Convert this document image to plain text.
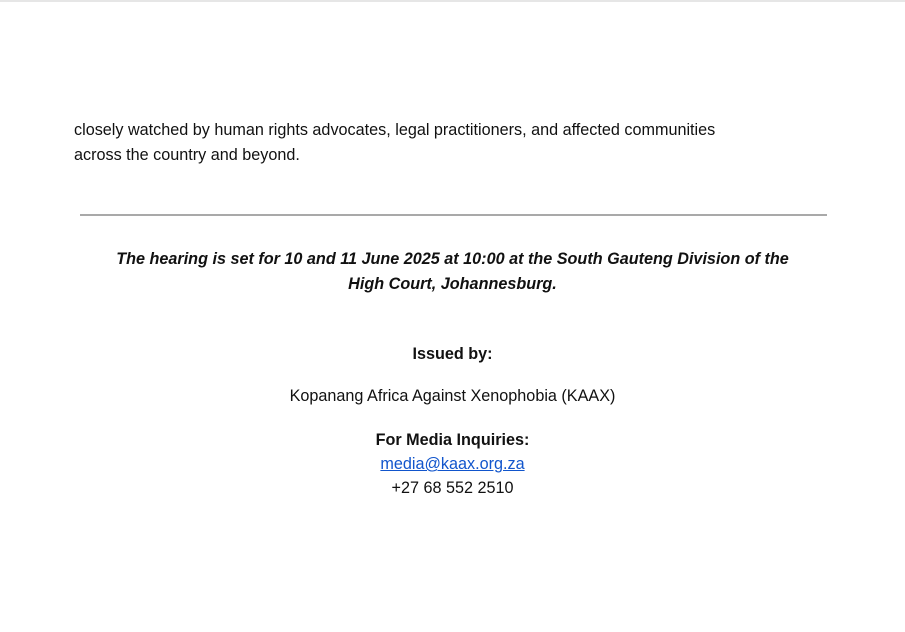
closely watched by human rights advocates, legal practitioners, and affected communities
across the country and beyond.

The hearing is set for 10 and 11 June 2025 at 10:00 at the South Gauteng Division of the
High Court, Johannesburg.

Issued by:

Kopanang Africa Against Xenophobia (KAAX)

For Media Inquiries:

media@kaax.org.za

+27 68 552 2510
